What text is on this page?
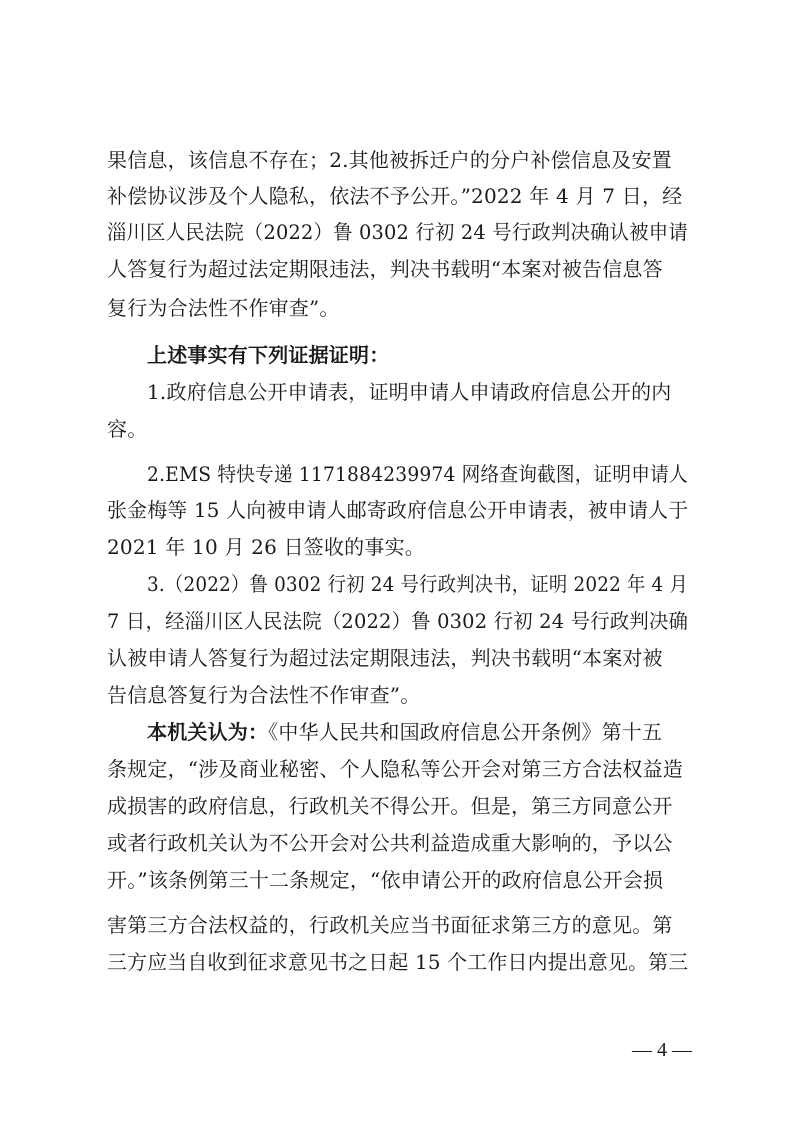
果信息，该信息不存在；2.其他被拆迁户的分户补偿信息及安置
补偿协议涉及个人隐私，依法不予公开。”2022 年 4 月 7 日，经
淄川区人民法院（2022）鲁 0302 行初 24 号行政判决确认被申请
人答复行为超过法定期限违法，判决书载明“本案对被告信息答
复行为合法性不作审查”。
上述事实有下列证据证明：
1.政府信息公开申请表，证明申请人申请政府信息公开的内
容。
2.EMS 特快专递 1171884239974 网络查询截图，证明申请人
张金梅等 15 人向被申请人邮寄政府信息公开申请表，被申请人于
2021 年 10 月 26 日签收的事实。
3.（2022）鲁 0302 行初 24 号行政判决书，证明 2022 年 4 月
7 日，经淄川区人民法院（2022）鲁 0302 行初 24 号行政判决确
认被申请人答复行为超过法定期限违法，判决书载明“本案对被
告信息答复行为合法性不作审查”。
本机关认为：《中华人民共和国政府信息公开条例》第十五
条规定，“涉及商业秘密、个人隐私等公开会对第三方合法权益造
成损害的政府信息，行政机关不得公开。但是，第三方同意公开
或者行政机关认为不公开会对公共利益造成重大影响的，予以公
开。”该条例第三十二条规定，“依申请公开的政府信息公开会损
害第三方合法权益的，行政机关应当书面征求第三方的意见。第
三方应当自收到征求意见书之日起 15 个工作日内提出意见。第三
— 4 —
